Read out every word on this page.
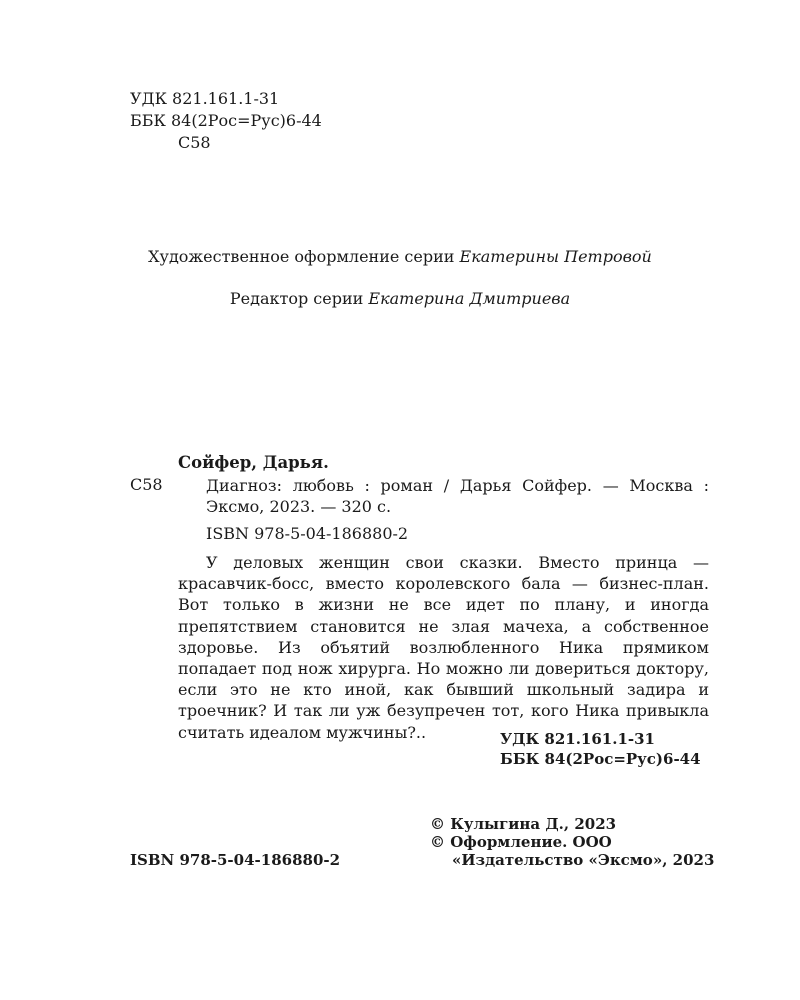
УДК 821.161.1-31
ББК 84(2Рос=Рус)6-44
С58
Художественное оформление серии Екатерины Петровой
Редактор серии Екатерина Дмитриева
Сойфер, Дарья.
С58	Диагноз: любовь : роман / Дарья Сойфер. — Москва : Эксмо, 2023. — 320 с.
ISBN 978-5-04-186880-2

У деловых женщин свои сказки. Вместо принца — красавчик-босс, вместо королевского бала — бизнес-план. Вот только в жизни не все идет по плану, и иногда препятствием становится не злая мачеха, а собственное здоровье. Из объятий возлюбленного Ника прямиком попадает под нож хирурга. Но можно ли довериться доктору, если это не кто иной, как бывший школьный задира и троечник? И так ли уж безупречен тот, кого Ника привыкла считать идеалом мужчины?..	УДК 821.161.1-31
ББК 84(2Рос=Рус)6-44
© Кулыгина Д., 2023
© Оформление. ООО
«Издательство «Эксмо», 2023
ISBN 978-5-04-186880-2
